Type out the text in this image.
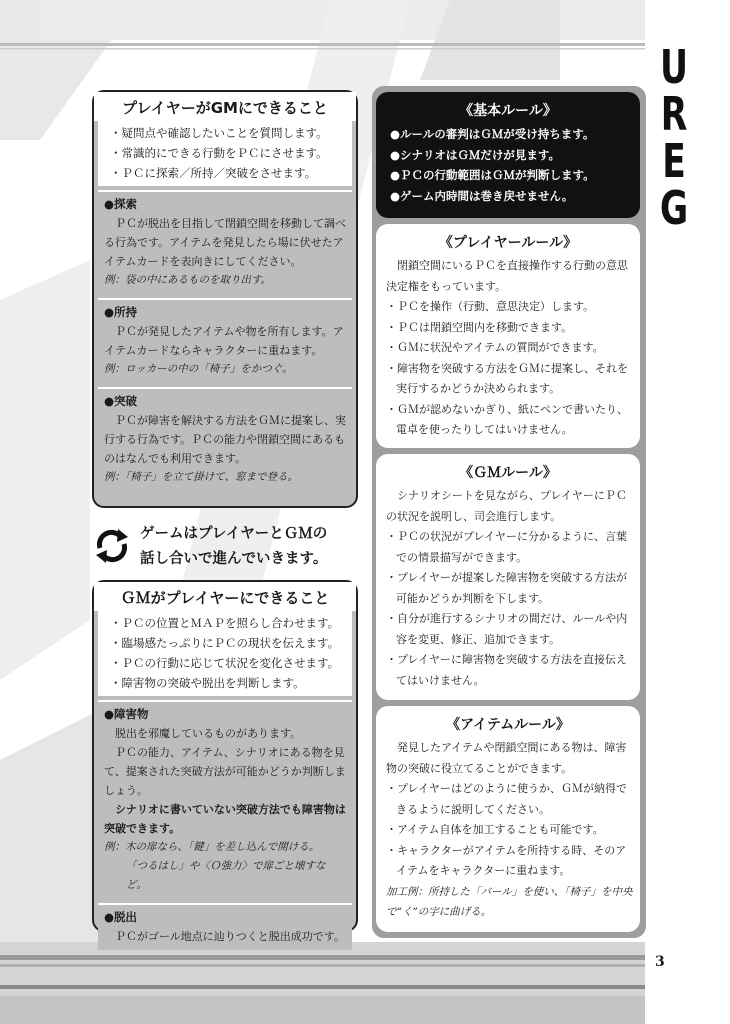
U
R
E
G
3
プレイヤーがGMにできること
・疑問点や確認したいことを質問します。
・常識的にできる行動をＰＣにさせます。
・ＰＣに探索／所持／突破をさせます。
●探索
ＰＣが脱出を目指して閉鎖空間を移動して調べる行為です。アイテムを発見したら場に伏せたアイテムカードを表向きにしてください。
例：袋の中にあるものを取り出す。
●所持
ＰＣが発見したアイテムや物を所有します。アイテムカードならキャラクターに重ねます。
例：ロッカーの中の「椅子」をかつぐ。
●突破
ＰＣが障害を解決する方法をＧＭに提案し、実行する行為です。ＰＣの能力や閉鎖空間にあるものはなんでも利用できます。
例：「椅子」を立て掛けて、窓まで登る。
ゲームはプレイヤーとＧＭの
話し合いで進んでいきます。
ＧＭがプレイヤーにできること
・ＰＣの位置とＭＡＰを照らし合わせます。
・臨場感たっぷりにＰＣの現状を伝えます。
・ＰＣの行動に応じて状況を変化させます。
・障害物の突破や脱出を判断します。
●障害物
脱出を邪魔しているものがあります。
ＰＣの能力、アイテム、シナリオにある物を見て、提案された突破方法が可能かどうか判断しましょう。
シナリオに書いていない突破方法でも障害物は突破できます。
例：木の扉なら、「鍵」を差し込んで開ける。
「つるはし」や〈Ｏ強力〉で扉ごと壊すなど。
●脱出
ＰＣがゴール地点に辿りつくと脱出成功です。
《基本ルール》
●ルールの審判はＧＭが受け持ちます。
●シナリオはＧＭだけが見ます。
●ＰＣの行動範囲はＧＭが判断します。
●ゲーム内時間は巻き戻せません。
《プレイヤールール》
閉鎖空間にいるＰＣを直接操作する行動の意思決定権をもっています。
・ＰＣを操作（行動、意思決定）します。
・ＰＣは閉鎖空間内を移動できます。
・ＧＭに状況やアイテムの質問ができます。
・障害物を突破する方法をＧＭに提案し、それを実行するかどうか決められます。
・ＧＭが認めないかぎり、紙にペンで書いたり、電卓を使ったりしてはいけません。
《ＧＭルール》
シナリオシートを見ながら、プレイヤーにＰＣの状況を説明し、司会進行します。
・ＰＣの状況がプレイヤーに分かるように、言葉での情景描写ができます。
・プレイヤーが提案した障害物を突破する方法が可能かどうか判断を下します。
・自分が進行するシナリオの間だけ、ルールや内容を変更、修正、追加できます。
・プレイヤーに障害物を突破する方法を直接伝えてはいけません。
《アイテムルール》
発見したアイテムや閉鎖空間にある物は、障害物の突破に役立てることができます。
・プレイヤーはどのように使うか、ＧＭが納得できるように説明してください。
・アイテム自体を加工することも可能です。
・キャラクターがアイテムを所持する時、そのアイテムをキャラクターに重ねます。
加工例：所持した「バール」を使い、「椅子」を中央で“く”の字に曲げる。
